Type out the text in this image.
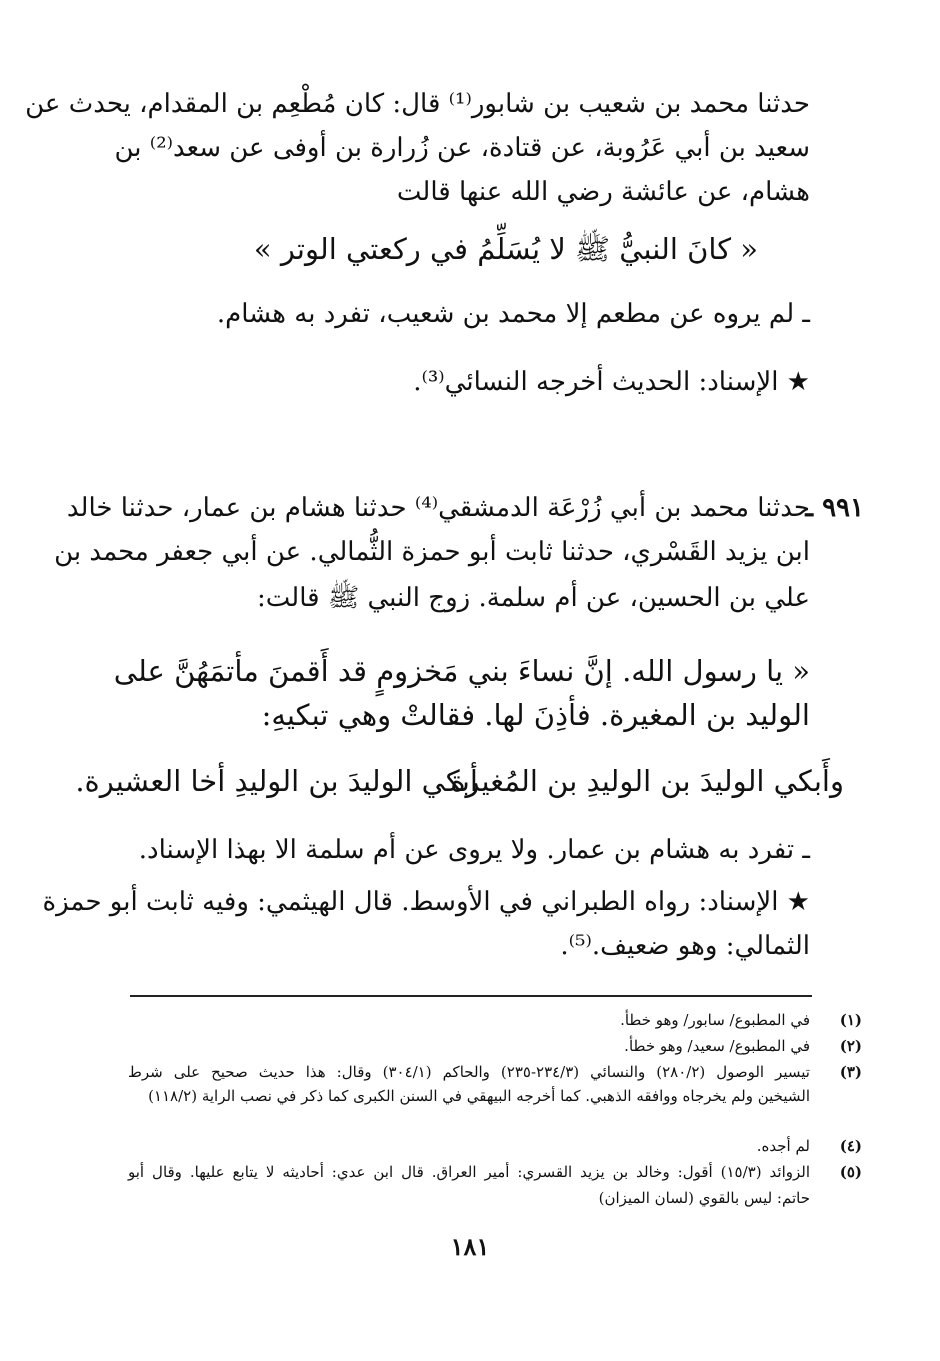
حدثنا محمد بن شعيب بن شابور⁽¹⁾ قال: كان مُطْعِم بن المقدام، يحدث عن
سعيد بن أبي عَرُوبة، عن قتادة، عن زُرارة بن أوفى عن سعد⁽²⁾ بن
هشام، عن عائشة رضي الله عنها قالت
« كانَ النبيُّ ﷺ لا يُسَلِّمُ في ركعتي الوتر »
ـ لم يروه عن مطعم إلا محمد بن شعيب، تفرد به هشام.
★ الإسناد: الحديث أخرجه النسائي⁽³⁾.
٩٩١ ـ
حدثنا محمد بن أبي زُرْعَة الدمشقي⁽⁴⁾ حدثنا هشام بن عمار، حدثنا خالد
ابن يزيد القَسْري، حدثنا ثابت أبو حمزة الثُّمالي. عن أبي جعفر محمد بن
علي بن الحسين، عن أم سلمة. زوج النبي ﷺ قالت:
« يا رسول الله. إنَّ نساءَ بني مَخزومٍ قد أَقمنَ مأتمَهُنَّ على
الوليد بن المغيرة. فأذِنَ لها. فقالتْ وهي تبكيهِ:
وأَبكي الوليدَ بن الوليدِ بن المُغيرة
أبكي الوليدَ بن الوليدِ أخا العشيرة.
ـ تفرد به هشام بن عمار. ولا يروى عن أم سلمة الا بهذا الإسناد.
★ الإسناد: رواه الطبراني في الأوسط. قال الهيثمي: وفيه ثابت أبو حمزة
الثمالي: وهو ضعيف.⁽⁵⁾.
(١)
في المطبوع/ سابور/ وهو خطأ.
(٢)
في المطبوع/ سعيد/ وهو خطأ.
(٣)
تيسير الوصول (٢٨٠/٢) والنسائي (٢٣٤/٣-٢٣٥) والحاكم (٣٠٤/١) وقال: هذا حديث صحيح على شرط
الشيخين ولم يخرجاه ووافقه الذهبي. كما أخرجه البيهقي في السنن الكبرى كما ذكر في نصب الراية (١١٨/٢)
(٤)
لم أجده.
(٥)
الزوائد (١٥/٣) أقول: وخالد بن يزيد القسري: أمير العراق. قال ابن عدي: أحاديثه لا يتابع عليها. وقال أبو
حاتم: ليس بالقوي (لسان الميزان)
١٨١
